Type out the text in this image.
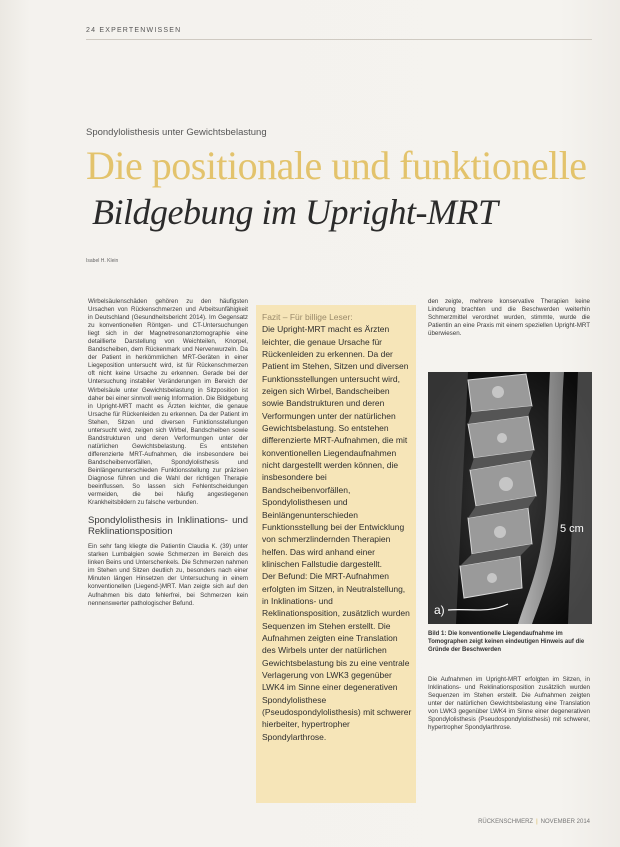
24 EXPERTENWISSEN
Spondylolisthesis unter Gewichtsbelastung
Die positionale und funktionelle
Bildgebung im Upright-MRT
Isabel H. Klein

Wirbelsäulenschäden gehören zu den häufigsten Ursachen von Rückenschmerzen und Arbeitsunfähigkeit in Deutschland (Gesundheitsbericht 2014). Im Gegensatz zu konventionellen Röntgen- und CT-Untersuchungen liegt sich in der Magnetresonanztomographie eine detaillierte Darstellung von Weichteilen, Knorpel, Bandscheiben, dem Rückenmark und Nervenwurzeln. Da der Patient in herkömmlichen MRT-Geräten in einer Liegeposition untersucht wird, ist für Rückenschmerzen oft nicht keine Ursache zu erkennen. Gerade bei der Untersuchung instabiler Veränderungen im Bereich der Wirbelsäule unter Gewichtsbelastung in Sitzposition ist daher bei einer sinnvoll wenig Information. Die Bildgebung in Upright-MRT macht es Ärzten leichter, die genaue Ursache für Rückenleiden zu erkennen. Da der Patient im Stehen, Sitzen und diversen Funktionsstellungen untersucht wird, zeigen sich Wirbel, Bandscheiben sowie Bandstrukturen und deren Verformungen unter der natürlichen Gewichtsbelastung. Es entstehen differenzierte MRT-Aufnahmen, die insbesondere bei Bandscheibenvorfällen, Spondylolisthesis und Beinlängenunterschieden Funktionsstellung zur präzisen Diagnose führen und die Wahl der richtigen Therapie beeinflussen. So lassen sich Fehlentscheidungen vermeiden, die bei häufig angestiegenen Krankheitsbildern zu falsche verbunden.

Spondylolisthesis in Inklinations- und Reklinationsposition

Ein sehr fang kliegte die Patientin Claudia K. (39) unter starken Lumbalgien sowie Schmerzen im Bereich des linken Beins und Unterschenkels. Die Schmerzen nahmen im Stehen und Sitzen deutlich zu, besonders nach einer Minuten längen Hinsetzen der Untersuchung in einem konventionellen (Liegend-)MRT. Man zeigte sich auf den Aufnahmen bis dato fehlerfrei, bei Schmerzen kein nennenswerter pathologischer Befund.

Fazit – Für billige Leser:

Die Upright-MRT macht es Ärzten leichter, die genaue Ursache für Rückenleiden zu erkennen. Da der Patient im Stehen, Sitzen und diversen Funktionsstellungen untersucht wird, zeigen sich Wirbel, Bandscheiben sowie Bandstrukturen und deren Verformungen unter der natürlichen Gewichtsbelastung. So entstehen differenzierte MRT-Aufnahmen, die mit konventionellen Liegendaufnahmen nicht dargestellt werden können, die insbesondere bei Bandscheibenvorfällen, Spondylolisthesen und Beinlängenunterschieden Funktionsstellung bei der Entwicklung von schmerzlindernden Therapien helfen. Das wird anhand einer klinischen Fallstudie dargestellt.

Der Befund: Die MRT-Aufnahmen erfolgten im Sitzen, in Neutralstellung, in Inklinations- und Reklinationsposition, zusätzlich wurden Sequenzen im Stehen erstellt. Die Aufnahmen zeigten eine Translation des Wirbels unter der natürlichen Gewichtsbelastung bis zu eine ventrale Verlagerung von LWK3 gegenüber LWK4 im Sinne einer degenerativen Spondylolisthese (Pseudospondylolisthesis) mit schwerer hierbeiter, hypertropher Spondylarthrose.

den zeigte, mehrere konservative Therapien keine Linderung brachten und die Beschwerden weiterhin Schmerzmittel verordnet wurden, stimmte, wurde die Patientin an eine Praxis mit einem speziellen Upright-MRT überwiesen.

a)
5 cm
Bild 1: Die konventionelle Liegendaufnahme im Tomographen zeigt keinen eindeutigen Hinweis auf die Gründe der Beschwerden

Die Aufnahmen im Upright-MRT erfolgten im Sitzen, in Inklinations- und Reklinationsposition zusätzlich wurden Sequenzen im Stehen erstellt. Die Aufnahmen zeigten unter der natürlichen Gewichtsbelastung eine Translation von LWK3 gegenüber LWK4 im Sinne einer degenerativen Spondylolisthesis (Pseudospondylolisthesis) mit schwerer, hypertropher Spondylarthrose.

RÜCKENSCHMERZ | NOVEMBER 2014
